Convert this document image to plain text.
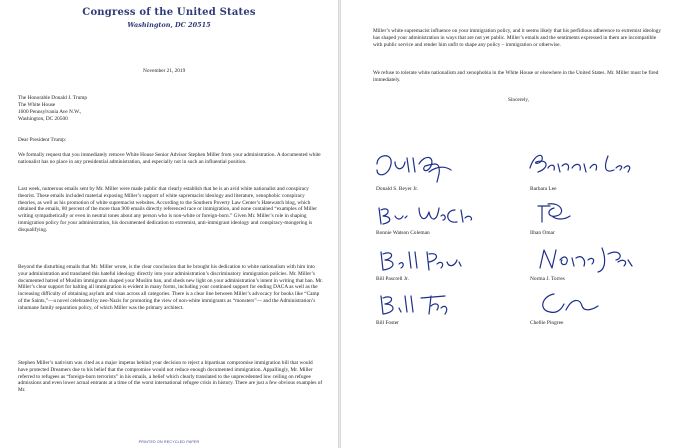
Congress of the United States
Washington, DC 20515

November 21, 2019

The Honorable Donald J. Trump

The White House

1600 Pennsylvania Ave N.W.,

Washington, DC 20500

Dear President Trump:

We formally request that you immediately remove White House Senior Advisor Stephen Miller from your administration. A documented white nationalist has no place in any presidential administration, and especially not in such an influential position.

Last week, numerous emails sent by Mr. Miller were made public that clearly establish that he is an avid white nationalist and conspiracy theorist. These emails included material exposing Miller’s support of white supremacist ideology and literature, xenophobic conspiracy theories, as well as his promotion of white supremacist websites. According to the Southern Poverty Law Center’s Hatewatch blog, which obtained the emails, 80 percent of the more than 900 emails directly referenced race or immigration, and none contained “examples of Miller writing sympathetically or even in neutral tones about any person who is non-white or foreign-born.” Given Mr. Miller’s role in shaping immigration policy for your administration, his documented dedication to extremist, anti-immigrant ideology and conspiracy-mongering is disqualifying.

Beyond the disturbing emails that Mr. Miller wrote, is the clear conclusion that he brought his dedication to white nationalism with him into your administration and translated this hateful ideology directly into your administration’s discriminatory immigration policies. Mr. Miller’s documented hatred of Muslim immigrants shaped your Muslim ban, and sheds new light on your administration’s intent in writing that ban. Mr. Miller’s clear support for halting all immigration is evident in many forms, including your continued support for ending DACA as well as the increasing difficulty of obtaining asylum and visas across all categories. There is a clear line between Miller’s advocacy for books like “Camp of the Saints,”—a novel celebrated by neo-Nazis for promoting the view of non-white immigrants as “monsters”— and the Administration’s inhumane family separation policy, of which Miller was the primary architect.

Stephen Miller’s nativism was cited as a major impetus behind your decision to reject a bipartisan compromise immigration bill that would have protected Dreamers due to his belief that the compromise would not reduce enough documented immigration. Appallingly, Mr. Miller referred to refugees as “foreign-born terrorists” in his emails, a belief which clearly translated to the unprecedented low ceiling on refugee admissions and even lower actual entrants at a time of the worst international refugee crisis in history. There are just a few obvious examples of Mr.

PRINTED ON RECYCLED PAPER

Miller’s white supremacist influence on your immigration policy, and it seems likely that his perfidious adherence to extremist ideology has shaped your administration in ways that are not yet public. Miller’s emails and the sentiments expressed in them are incompatible with public service and render him unfit to shape any policy – immigration or otherwise.

We refuse to tolerate white nationalism and xenophobia in the White House or elsewhere in the United States. Mr. Miller must be fired immediately.

Sincerely,

Donald S. Beyer Jr.	Barbara Lee
Bonnie Watson Coleman	Ilhan Omar
Bill Pascrell Jr.	Norma J. Torres
Bill Foster	Chellie Pingree
